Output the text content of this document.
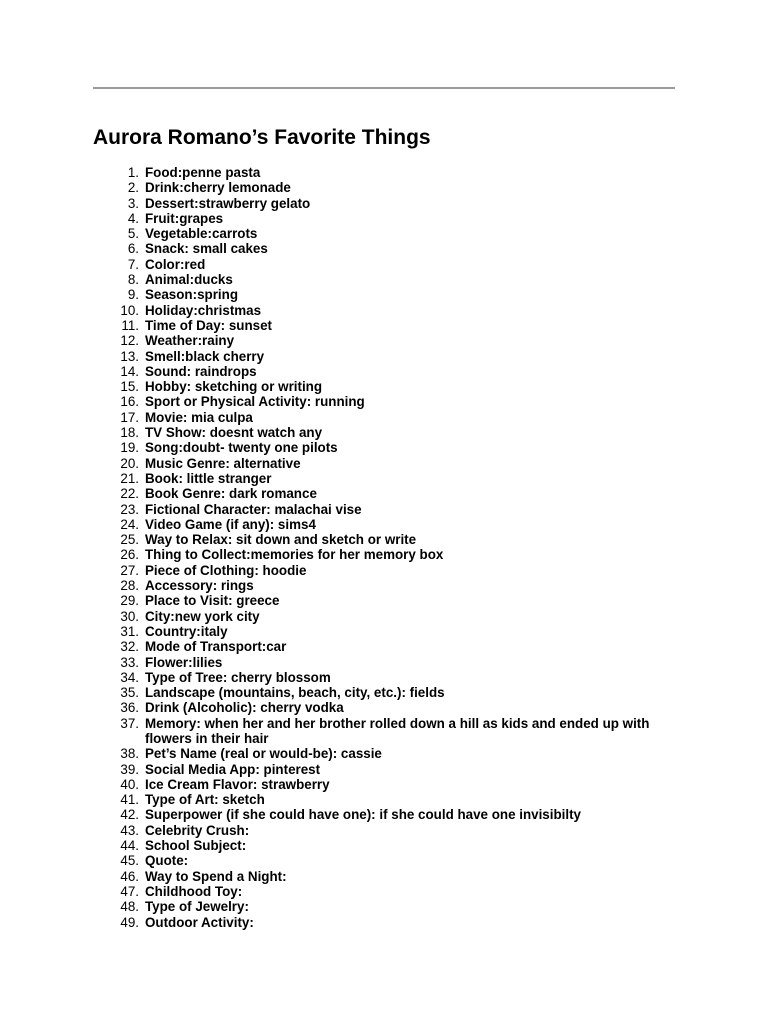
Aurora Romano’s Favorite Things
1. Food:penne pasta
2. Drink:cherry lemonade
3. Dessert:strawberry gelato
4. Fruit:grapes
5. Vegetable:carrots
6. Snack: small cakes
7. Color:red
8. Animal:ducks
9. Season:spring
10. Holiday:christmas
11. Time of Day: sunset
12. Weather:rainy
13. Smell:black cherry
14. Sound: raindrops
15. Hobby: sketching or writing
16. Sport or Physical Activity: running
17. Movie: mia culpa
18. TV Show: doesnt watch any
19. Song:doubt- twenty one pilots
20. Music Genre: alternative
21. Book: little stranger
22. Book Genre: dark romance
23. Fictional Character: malachai vise
24. Video Game (if any): sims4
25. Way to Relax: sit down and sketch or write
26. Thing to Collect:memories for her memory box
27. Piece of Clothing: hoodie
28. Accessory: rings
29. Place to Visit: greece
30. City:new york city
31. Country:italy
32. Mode of Transport:car
33. Flower:lilies
34. Type of Tree: cherry blossom
35. Landscape (mountains, beach, city, etc.): fields
36. Drink (Alcoholic): cherry vodka
37. Memory: when her and her brother rolled down a hill as kids and ended up with flowers in their hair
38. Pet’s Name (real or would-be): cassie
39. Social Media App: pinterest
40. Ice Cream Flavor: strawberry
41. Type of Art: sketch
42. Superpower (if she could have one): if she could have one invisibilty
43. Celebrity Crush:
44. School Subject:
45. Quote:
46. Way to Spend a Night:
47. Childhood Toy:
48. Type of Jewelry:
49. Outdoor Activity:
